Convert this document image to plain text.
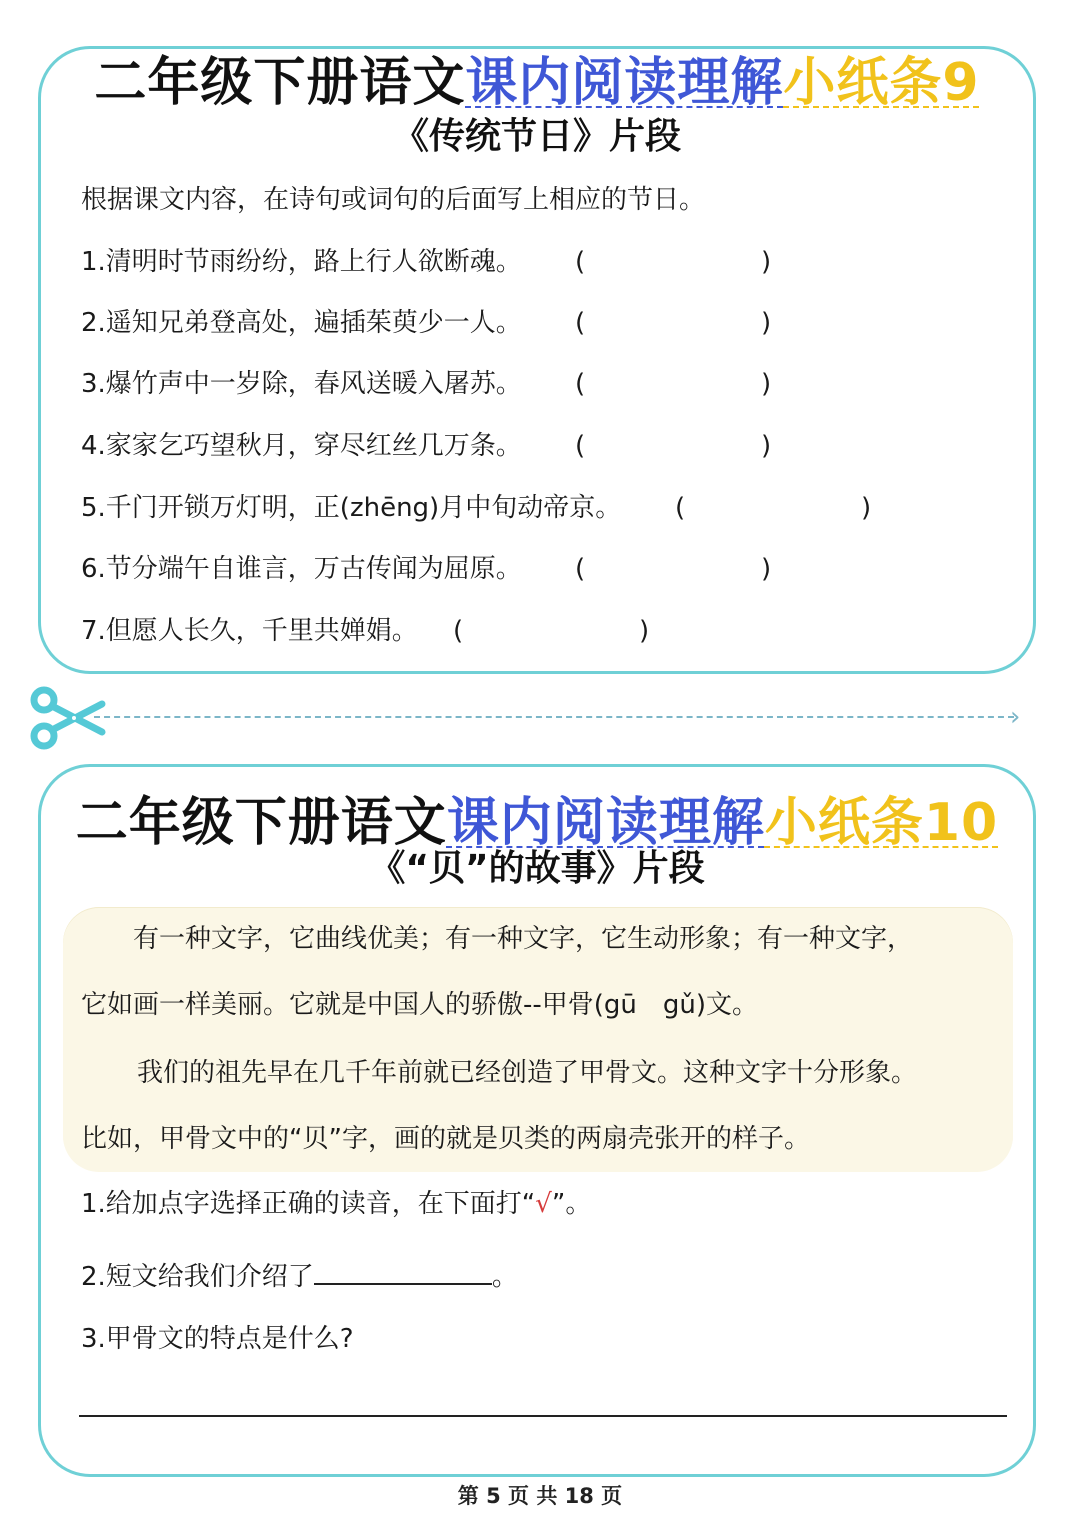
二年级下册语文课内阅读理解小纸条9
《传统节日》片段
根据课文内容，在诗句或词句的后面写上相应的节日。
1.清明时节雨纷纷，路上行人欲断魂。 (	)
2.遥知兄弟登高处，遍插茱萸少一人。 (	)
3.爆竹声中一岁除，春风送暖入屠苏。 (	)
4.家家乞巧望秋月，穿尽红丝几万条。 (	)
5.千门开锁万灯明，正(zhēng)月中旬动帝京。 (	)
6.节分端午自谁言，万古传闻为屈原。 (	)
7.但愿人长久，千里共婵娟。 (	)
›
二年级下册语文课内阅读理解小纸条10
《“贝”的故事》片段
有一种文字，它曲线优美；有一种文字，它生动形象；有一种文字，
它如画一样美丽。它就是中国人的骄傲--甲骨(gū　gǔ)文。
我们的祖先早在几千年前就已经创造了甲骨文。这种文字十分形象。
比如，甲骨文中的“贝”字，画的就是贝类的两扇壳张开的样子。
1.给加点字选择正确的读音，在下面打“√”。
2.短文给我们介绍了	。
3.甲骨文的特点是什么?
第 5 页 共 18 页
